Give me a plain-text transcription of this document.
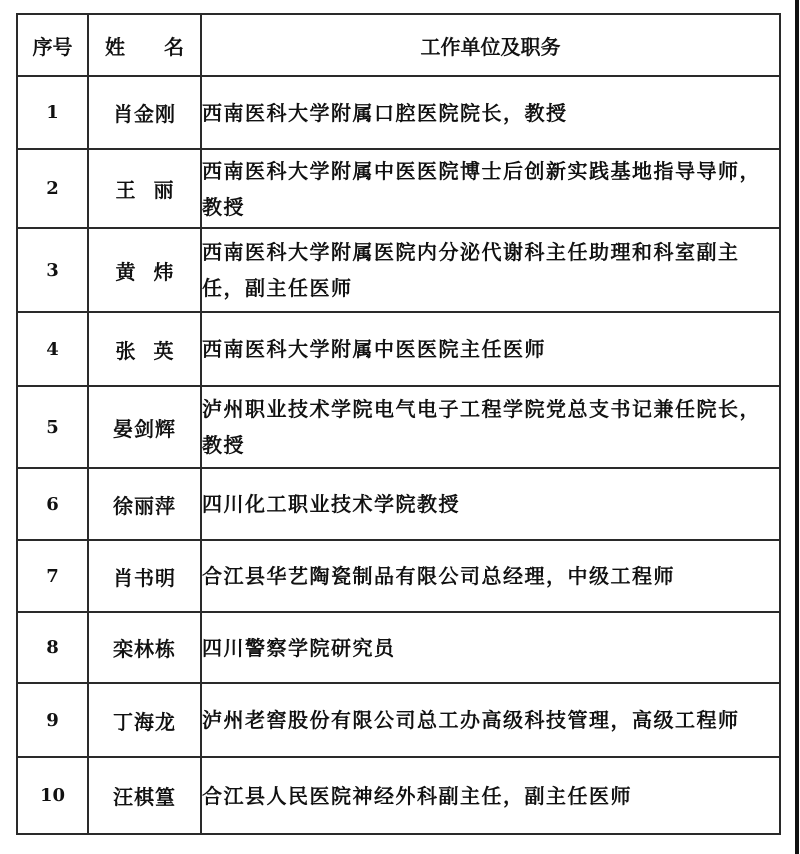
序号	姓 名	工作单位及职务
1	肖金刚	西南医科大学附属口腔医院院长，教授
2	王丽	西南医科大学附属中医医院博士后创新实践基地指导导师，教授
3	黄炜	西南医科大学附属医院内分泌代谢科主任助理和科室副主任，副主任医师
4	张英	西南医科大学附属中医医院主任医师
5	晏剑辉	泸州职业技术学院电气电子工程学院党总支书记兼任院长，教授
6	徐丽萍	四川化工职业技术学院教授
7	肖书明	合江县华艺陶瓷制品有限公司总经理，中级工程师
8	栾林栋	四川警察学院研究员
9	丁海龙	泸州老窖股份有限公司总工办高级科技管理，高级工程师
10	汪棋篁	合江县人民医院神经外科副主任，副主任医师
